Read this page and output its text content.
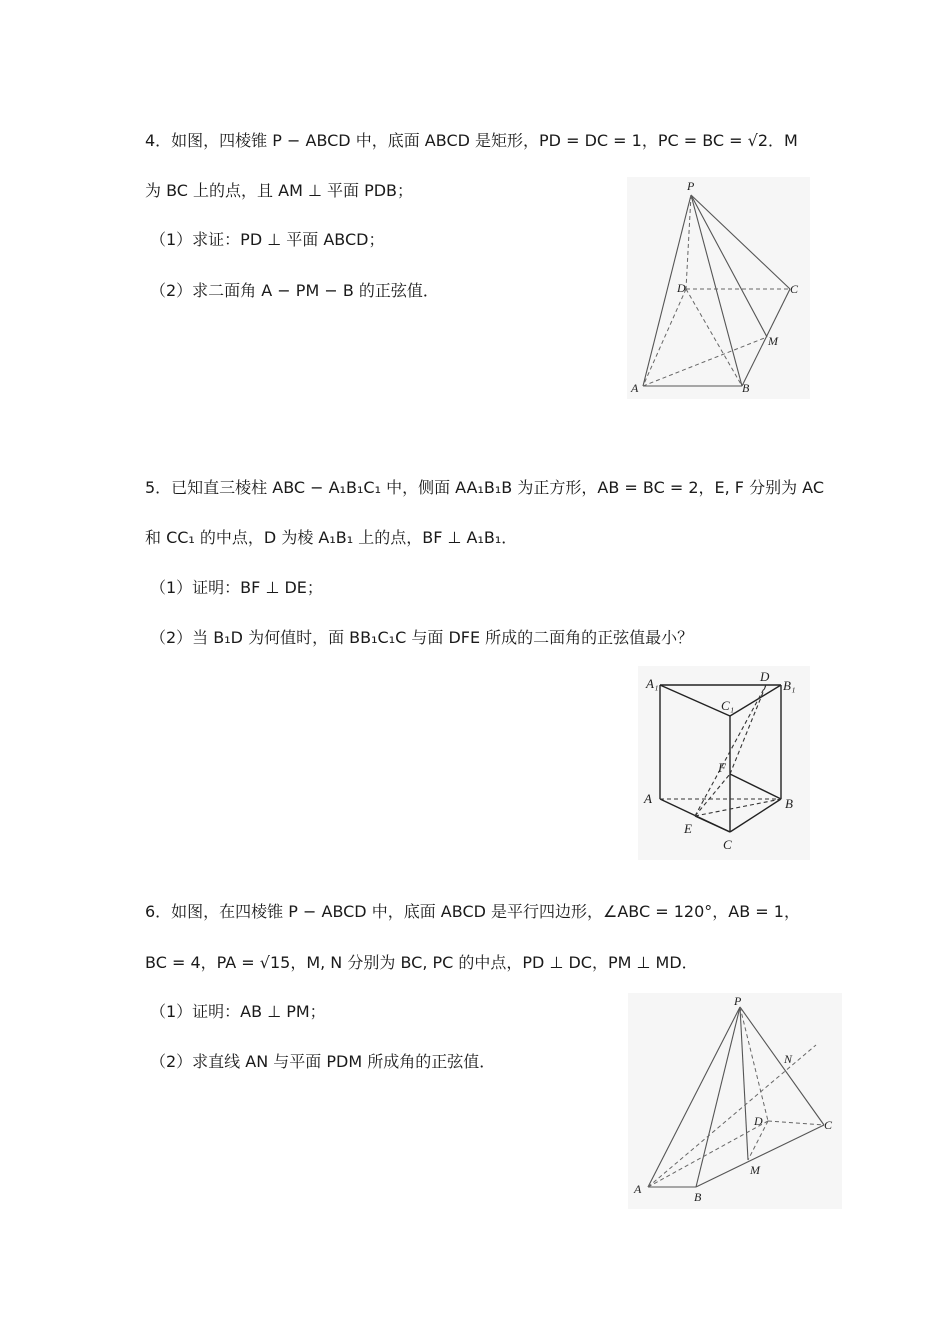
4．如图，四棱锥 P − ABCD 中，底面 ABCD 是矩形，PD = DC = 1，PC = BC = √2．M
为 BC 上的点，且 AM ⊥ 平面 PDB；
（1）求证：PD ⊥ 平面 ABCD；
（2）求二面角 A − PM − B 的正弦值．
P
D	C
M
A	B
5．已知直三棱柱 ABC − A₁B₁C₁ 中，侧面 AA₁B₁B 为正方形，AB = BC = 2，E, F 分别为 AC
和 CC₁ 的中点，D 为棱 A₁B₁ 上的点，BF ⊥ A₁B₁．
（1）证明：BF ⊥ DE；
（2）当 B₁D 为何值时，面 BB₁C₁C 与面 DFE 所成的二面角的正弦值最小？
A₁	D
B₁
C₁
F
A	B
E
C
6．如图，在四棱锥 P − ABCD 中，底面 ABCD 是平行四边形，∠ABC = 120°，AB = 1，
BC = 4，PA = √15，M, N 分别为 BC, PC 的中点，PD ⊥ DC，PM ⊥ MD．
（1）证明：AB ⊥ PM；
（2）求直线 AN 与平面 PDM 所成角的正弦值．
P
N
D	C
M
A
B
